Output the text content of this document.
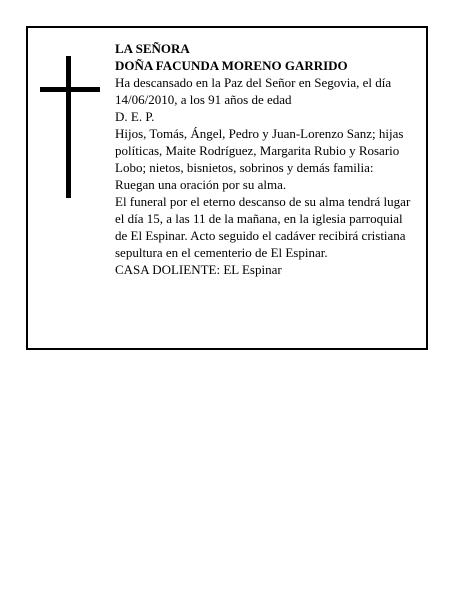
LA SEÑORA

DOÑA FACUNDA MORENO GARRIDO

Ha descansado en la Paz del Señor en Segovia, el día 14/06/2010, a los 91 años de edad

D. E. P.

Hijos, Tomás, Ángel, Pedro y Juan-Lorenzo Sanz; hijas políticas, Maite Rodríguez, Margarita Rubio y Rosario Lobo; nietos, bisnietos, sobrinos y demás familia:

Ruegan una oración por su alma.

El funeral por el eterno descanso de su alma tendrá lugar el día 15, a las 11 de la mañana, en la iglesia parroquial de El Espinar. Acto seguido el cadáver recibirá cristiana sepultura en el cementerio de El Espinar.

CASA DOLIENTE: EL Espinar
